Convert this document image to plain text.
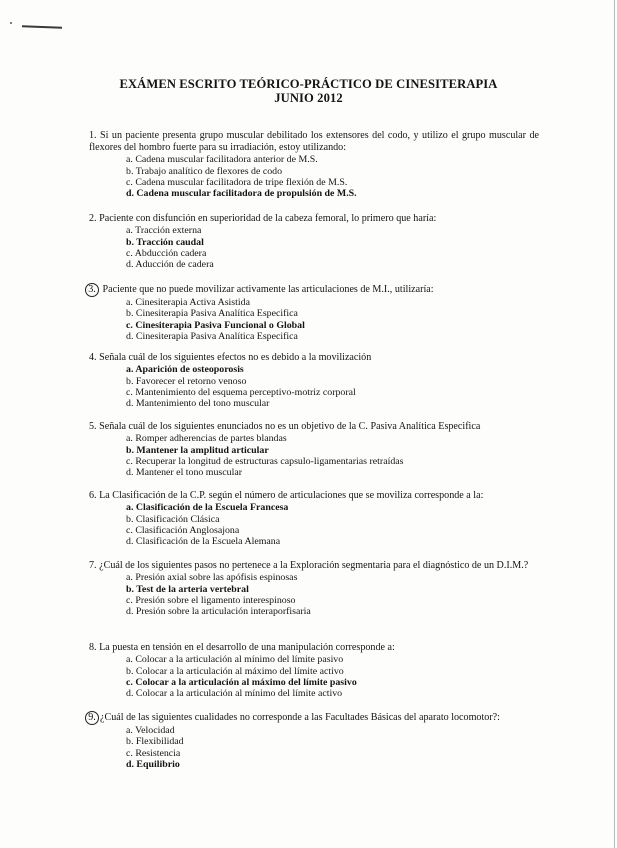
EXÁMEN ESCRITO TEÓRICO-PRÁCTICO DE CINESITERAPIA
JUNIO 2012
1. Si un paciente presenta grupo muscular debilitado los extensores del codo, y utilizo el grupo muscular de flexores del hombro fuerte para su irradiación, estoy utilizando:
a. Cadena muscular facilitadora anterior de M.S.
b. Trabajo analítico de flexores de codo
c. Cadena muscular facilitadora de tripe flexión de M.S.
d. Cadena muscular facilitadora de propulsión de M.S.
2. Paciente con disfunción en superioridad de la cabeza femoral, lo primero que haría:
a. Tracción externa
b. Tracción caudal
c. Abducción cadera
d. Aducción de cadera
3. Paciente que no puede movilizar activamente las articulaciones de M.I., utilizaría:
a. Cinesiterapia Activa Asistida
b. Cinesiterapia Pasiva Analítica Especifica
c. Cinesiterapia Pasiva Funcional o Global
d. Cinesiterapia Pasiva Analítica Especifica
4. Señala cuál de los siguientes efectos no es debido a la movilización
a. Aparición de osteoporosis
b. Favorecer el retorno venoso
c. Mantenimiento del esquema perceptivo-motriz corporal
d. Mantenimiento del tono muscular
5. Señala cuál de los siguientes enunciados no es un objetivo de la C. Pasiva Analítica Especifica
a. Romper adherencias de partes blandas
b. Mantener la amplitud articular
c. Recuperar la longitud de estructuras capsulo-ligamentarias retraídas
d. Mantener el tono muscular
6. La Clasificación de la C.P. según el número de articulaciones que se moviliza corresponde a la:
a. Clasificación de la Escuela Francesa
b. Clasificación Clásica
c. Clasificación Anglosajona
d. Clasificación de la Escuela Alemana
7. ¿Cuál de los siguientes pasos no pertenece a la Exploración segmentaria para el diagnóstico de un D.I.M.?
a. Presión axial sobre las apófisis espinosas
b. Test de la arteria vertebral
c. Presión sobre el ligamento interespinoso
d. Presión sobre la articulación interaporfisaria
8. La puesta en tensión en el desarrollo de una manipulación corresponde a:
a. Colocar a la articulación al mínimo del límite pasivo
b. Colocar a la articulación al máximo del límite activo
c. Colocar a la articulación al máximo del límite pasivo
d. Colocar a la articulación al mínimo del límite activo
9. ¿Cuál de las siguientes cualidades no corresponde a las Facultades Básicas del aparato locomotor?:
a. Velocidad
b. Flexibilidad
c. Resistencia
d. Equilibrio
